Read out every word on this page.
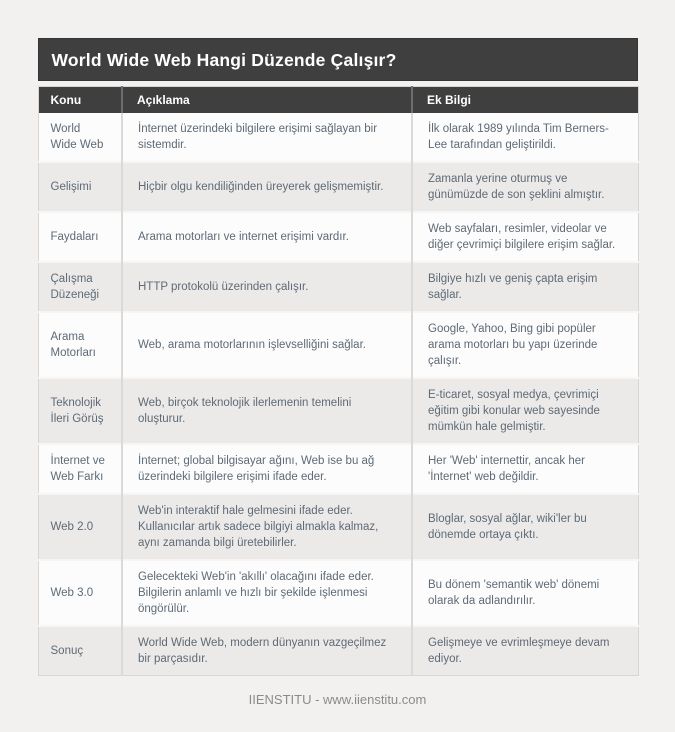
World Wide Web Hangi Düzende Çalışır?
Konu	Açıklama	Ek Bilgi
World Wide Web	İnternet üzerindeki bilgilere erişimi sağlayan bir sistemdir.	İlk olarak 1989 yılında Tim Berners-Lee tarafından geliştirildi.
Gelişimi	Hiçbir olgu kendiliğinden üreyerek gelişmemiştir.	Zamanla yerine oturmuş ve günümüzde de son şeklini almıştır.
Faydaları	Arama motorları ve internet erişimi vardır.	Web sayfaları, resimler, videolar ve diğer çevrimiçi bilgilere erişim sağlar.
Çalışma Düzeneği	HTTP protokolü üzerinden çalışır.	Bilgiye hızlı ve geniş çapta erişim sağlar.
Arama Motorları	Web, arama motorlarının işlevselliğini sağlar.	Google, Yahoo, Bing gibi popüler arama motorları bu yapı üzerinde çalışır.
Teknolojik İleri Görüş	Web, birçok teknolojik ilerlemenin temelini oluşturur.	E-ticaret, sosyal medya, çevrimiçi eğitim gibi konular web sayesinde mümkün hale gelmiştir.
İnternet ve Web Farkı	İnternet; global bilgisayar ağını, Web ise bu ağ üzerindeki bilgilere erişimi ifade eder.	Her 'Web' internettir, ancak her 'İnternet' web değildir.
Web 2.0	Web'in interaktif hale gelmesini ifade eder. Kullanıcılar artık sadece bilgiyi almakla kalmaz, aynı zamanda bilgi üretebilirler.	Bloglar, sosyal ağlar, wiki'ler bu dönemde ortaya çıktı.
Web 3.0	Gelecekteki Web'in 'akıllı' olacağını ifade eder. Bilgilerin anlamlı ve hızlı bir şekilde işlenmesi öngörülür.	Bu dönem 'semantik web' dönemi olarak da adlandırılır.
Sonuç	World Wide Web, modern dünyanın vazgeçilmez bir parçasıdır.	Gelişmeye ve evrimleşmeye devam ediyor.
IIENSTITU - www.iienstitu.com
